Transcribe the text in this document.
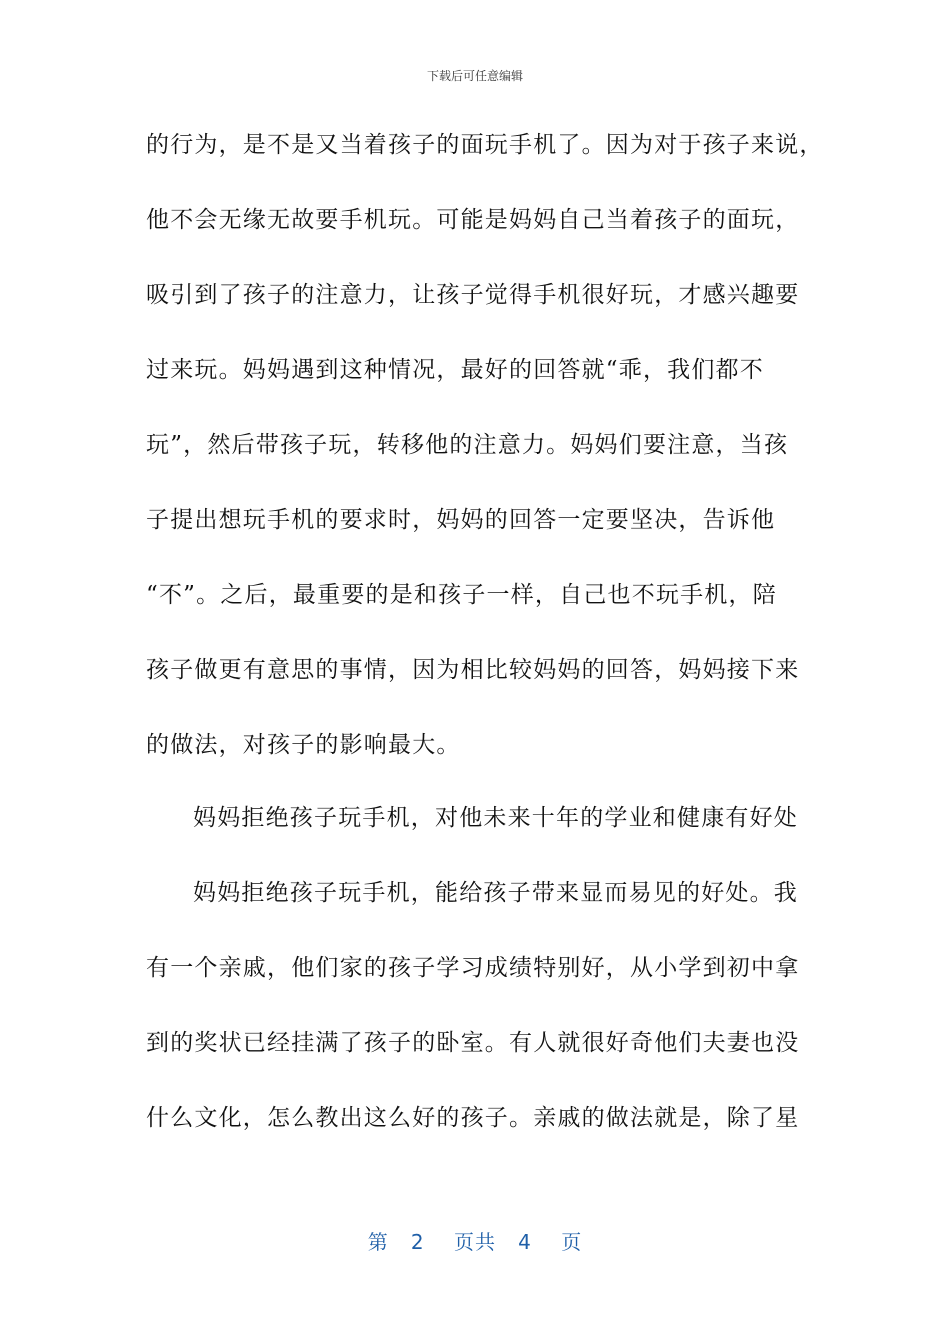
下载后可任意编辑
的行为，是不是又当着孩子的面玩手机了。因为对于孩子来说，
他不会无缘无故要手机玩。可能是妈妈自己当着孩子的面玩，
吸引到了孩子的注意力，让孩子觉得手机很好玩，才感兴趣要
过来玩。妈妈遇到这种情况，最好的回答就“乖，我们都不
玩”，然后带孩子玩，转移他的注意力。妈妈们要注意，当孩
子提出想玩手机的要求时，妈妈的回答一定要坚决，告诉他
“不”。之后，最重要的是和孩子一样，自己也不玩手机，陪
孩子做更有意思的事情，因为相比较妈妈的回答，妈妈接下来
的做法，对孩子的影响最大。
妈妈拒绝孩子玩手机，对他未来十年的学业和健康有好处
妈妈拒绝孩子玩手机，能给孩子带来显而易见的好处。我
有一个亲戚，他们家的孩子学习成绩特别好，从小学到初中拿
到的奖状已经挂满了孩子的卧室。有人就很好奇他们夫妻也没
什么文化，怎么教出这么好的孩子。亲戚的做法就是，除了星
第 2 页共 4 页
